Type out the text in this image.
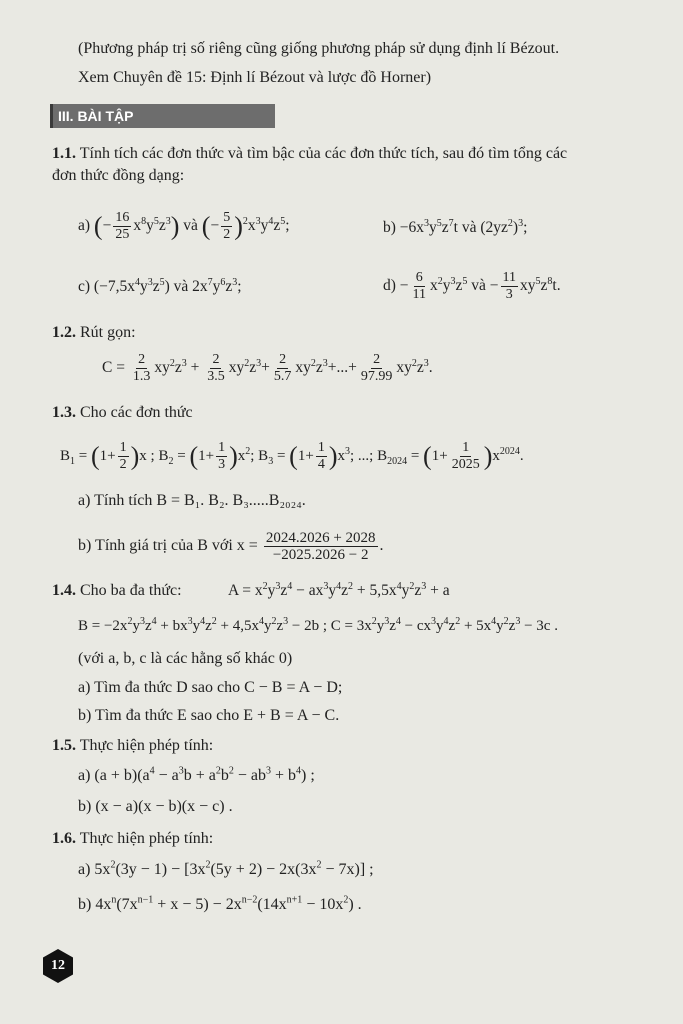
(Phương pháp trị số riêng cũng giống phương pháp sử dụng định lí Bézout.
Xem Chuyên đề 15: Định lí Bézout và lược đồ Horner)
III. BÀI TẬP
1.1. Tính tích các đơn thức và tìm bậc của các đơn thức tích, sau đó tìm tổng các
đơn thức đồng dạng:
a) (− $\frac{16}{25} x^8y^5z^3$) và (− $\frac{5}{2} )^2x^3y^4z^5$;	$b) -6x^3y^5z^7t$ và $(2yz^2)^3$;
c) $(-7,5x^4y^3z^5)$ và $2x^7y^6z^3$;	$d) - \frac{6}{11} x^2y^3z^5$ và − $\frac{11}{3} xy^5z^8t$.
1.2. Rút gọn:
$C = \frac{2}{1.3} xy^2z^3 + \frac{2}{3.5} xy^2z^3+ \frac{2}{5.7} xy^2z^3+...+ \frac{2}{97.99} xy^2z^3$.
1.3. Cho các đơn thức
$B_1 = (1+ \frac{1}{2} )x$ ; $B_2 = (1+ \frac{1}{3} )x^2$; $B_3 = (1+ \frac{1}{4} )x^3$; ...; $B_{2024} = (1+ \frac{1}{2025} )x^{2024}$.
a) Tính tích B = B₁. B₂. B₃.....B₂₀₂₄.
b) Tính giá trị của B với $x = \frac{2024.2026 + 2028}{-2025.2026 - 2}$ .
1.4. Cho ba đa thức:	$A = x^2y^3z^4 - ax^3y^4z^2 + 5,5x^4y^2z^3 + a$
$B = -2x^2y^3z^4 + bx^3y^4z^2 + 4,5x^4y^2z^3 - 2b$ ; $C = 3x^2y^3z^4 - cx^3y^4z^2 + 5x^4y^2z^3 - 3c$ .
(với a, b, c là các hằng số khác 0)
a) Tìm đa thức D sao cho C − B = A − D;
b) Tìm đa thức E sao cho E + B = A − C.
1.5. Thực hiện phép tính:
a) $(a + b)(a^4 - a^3b + a^2b^2 - ab^3 + b^4)$ ;
b) (x − a)(x − b)(x − c) .
1.6. Thực hiện phép tính:
a) $5x^2(3y - 1) - [3x^2(5y + 2) - 2x(3x^2 - 7x)]$ ;
b) $4x^n(7x^{n-1} + x - 5) - 2x^{n-2}(14x^{n+1} - 10x^2)$ .
12
